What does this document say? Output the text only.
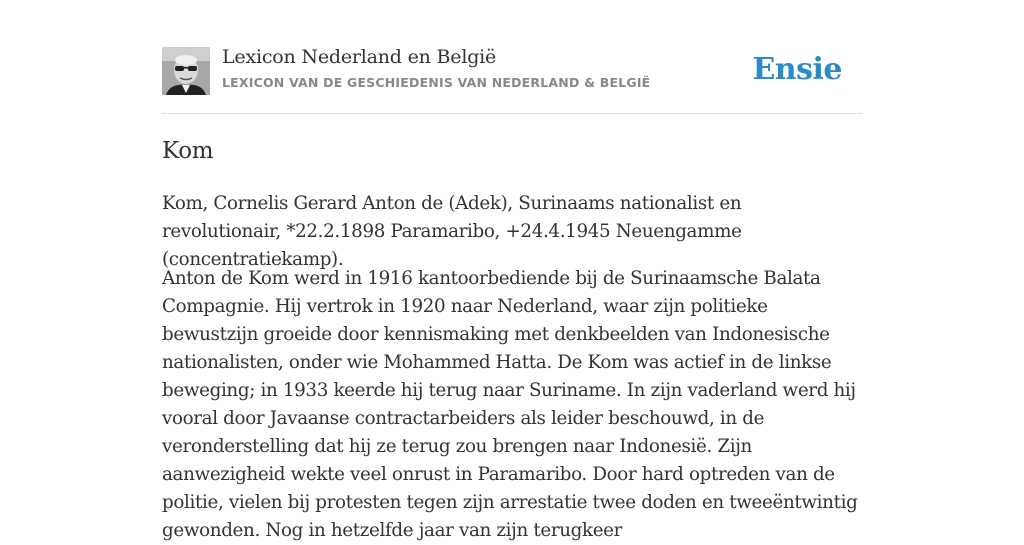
Lexicon Nederland en België
LEXICON VAN DE GESCHIEDENIS VAN NEDERLAND & BELGIË	Ensie
Kom

Kom, Cornelis Gerard Anton de (Adek), Surinaams nationalist en revolutionair, *22.2.1898 Paramaribo, +24.4.1945 Neuengamme (concentratiekamp).

Anton de Kom werd in 1916 kantoorbediende bij de Surinaamsche Balata Compagnie. Hij vertrok in 1920 naar Nederland, waar zijn politieke bewustzijn groeide door kennismaking met denkbeelden van Indonesische nationalisten, onder wie Mohammed Hatta. De Kom was actief in de linkse beweging; in 1933 keerde hij terug naar Suriname. In zijn vaderland werd hij vooral door Javaanse contractarbeiders als leider beschouwd, in de veronderstelling dat hij ze terug zou brengen naar Indonesië. Zijn aanwezigheid wekte veel onrust in Paramaribo. Door hard optreden van de politie, vielen bij protesten tegen zijn arrestatie twee doden en tweeëntwintig gewonden. Nog in hetzelfde jaar van zijn terugkeer
